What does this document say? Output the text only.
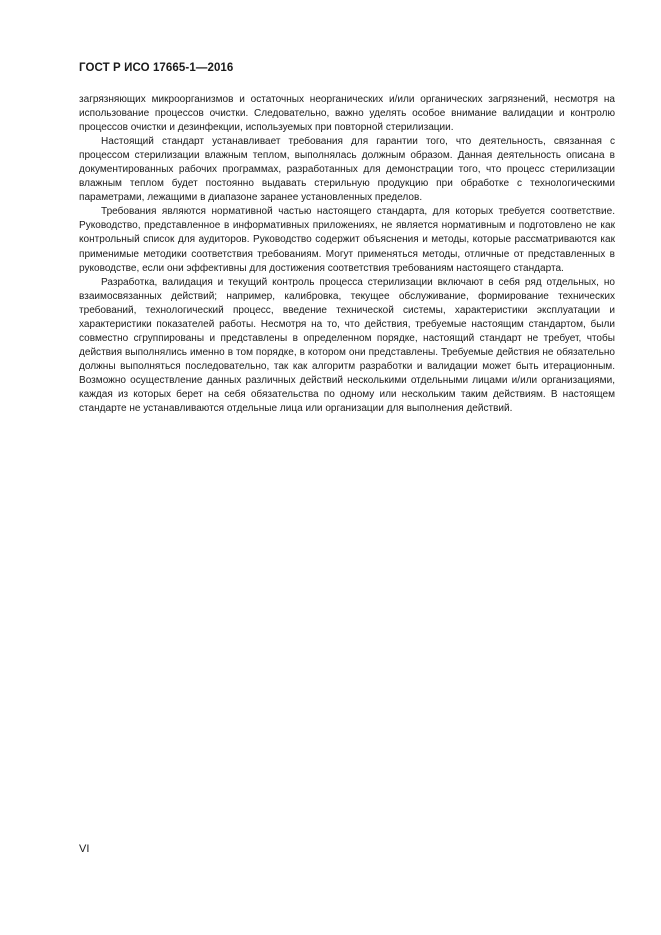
ГОСТ Р ИСО 17665-1—2016

загрязняющих микроорганизмов и остаточных неорганических и/или органических загрязнений, несмотря на использование процессов очистки. Следовательно, важно уделять особое внимание валидации и контролю процессов очистки и дезинфекции, используемых при повторной стерилизации.

Настоящий стандарт устанавливает требования для гарантии того, что деятельность, связанная с процессом стерилизации влажным теплом, выполнялась должным образом. Данная деятельность описана в документированных рабочих программах, разработанных для демонстрации того, что процесс стерилизации влажным теплом будет постоянно выдавать стерильную продукцию при обработке с технологическими параметрами, лежащими в диапазоне заранее установленных пределов.

Требования являются нормативной частью настоящего стандарта, для которых требуется соответствие. Руководство, представленное в информативных приложениях, не является нормативным и подготовлено не как контрольный список для аудиторов. Руководство содержит объяснения и методы, которые рассматриваются как применимые методики соответствия требованиям. Могут применяться методы, отличные от представленных в руководстве, если они эффективны для достижения соответствия требованиям настоящего стандарта.

Разработка, валидация и текущий контроль процесса стерилизации включают в себя ряд отдельных, но взаимосвязанных действий; например, калибровка, текущее обслуживание, формирование технических требований, технологический процесс, введение технической системы, характеристики эксплуатации и характеристики показателей работы. Несмотря на то, что действия, требуемые настоящим стандартом, были совместно сгруппированы и представлены в определенном порядке, настоящий стандарт не требует, чтобы действия выполнялись именно в том порядке, в котором они представлены. Требуемые действия не обязательно должны выполняться последовательно, так как алгоритм разработки и валидации может быть итерационным. Возможно осуществление данных различных действий несколькими отдельными лицами и/или организациями, каждая из которых берет на себя обязательства по одному или нескольким таким действиям. В настоящем стандарте не устанавливаются отдельные лица или организации для выполнения действий.

VI
